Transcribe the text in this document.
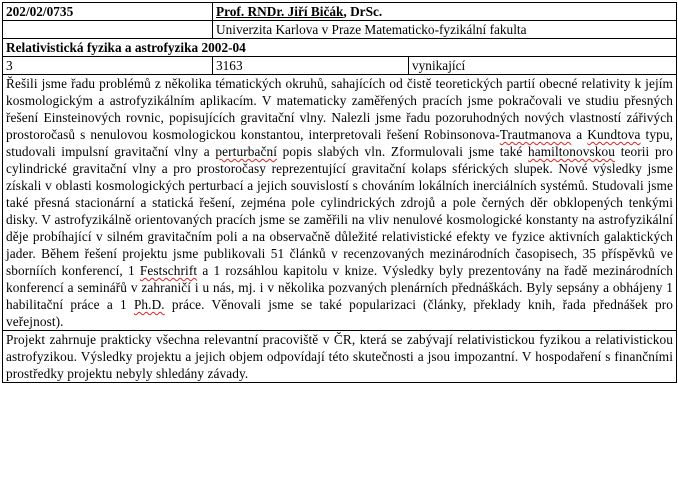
202/02/0735	Prof. RNDr. Jiří Bičák, DrSc.	
	Univerzita Karlova v Praze Matematicko-fyzikální fakulta	
Relativistická fyzika a astrofyzika 2002-04		
3	3163	vynikající
Řešili jsme řadu problémů z několika tématických okruhů, sahajících od čistě teoretických partií obecné relativity k jejím kosmologickým a astrofyzikálním aplikacím. V matematicky zaměřených pracích jsme pokračovali ve studiu přesných řešení Einsteinových rovnic, popisujících gravitační vlny. Nalezli jsme řadu pozoruhodných nových vlastností zářivých prostoročasů s nenulovou kosmologickou konstantou, interpretovali řešení Robinsonova-Trautmanova a Kundtova typu, studovali impulsní gravitační vlny a perturbační popis slabých vln. Zformulovali jsme také hamiltonovskou teorii pro cylindrické gravitační vlny a pro prostoročasy reprezentující gravitační kolaps sférických slupek. Nové výsledky jsme získali v oblasti kosmologických perturbací a jejich souvislostí s chováním lokálních inerciálních systémů. Studovali jsme také přesná stacionární a statická řešení, zejména pole cylindrických zdrojů a pole černých děr obklopených tenkými disky. V astrofyzikálně orientovaných pracích jsme se zaměřili na vliv nenulové kosmologické konstanty na astrofyzikální děje probíhající v silném gravitačním poli a na observačně důležité relativistické efekty ve fyzice aktivních galaktických jader. Během řešení projektu jsme publikovali 51 článků v recenzovaných mezinárodních časopisech, 35 příspěvků ve sborníích konferencí, 1 Festschrift a 1 rozsáhlou kapitolu v knize. Výsledky byly prezentovány na řadě mezinárodních konferencí a seminářů v zahraničí i u nás, mj. i v několika pozvaných plenárních přednáškách. Byly sepsány a obhájeny 1 habilitační práce a 1 Ph.D. práce. Věnovali jsme se také popularizaci (články, překlady knih, řada přednášek pro veřejnost).		
Projekt zahrnuje prakticky všechna relevantní pracoviště v ČR, která se zabývají relativistickou fyzikou a relativistickou astrofyzikou. Výsledky projektu a jejich objem odpovídají této skutečnosti a jsou impozantní. V hospodaření s finančními prostředky projektu nebyly shledány závady.		
